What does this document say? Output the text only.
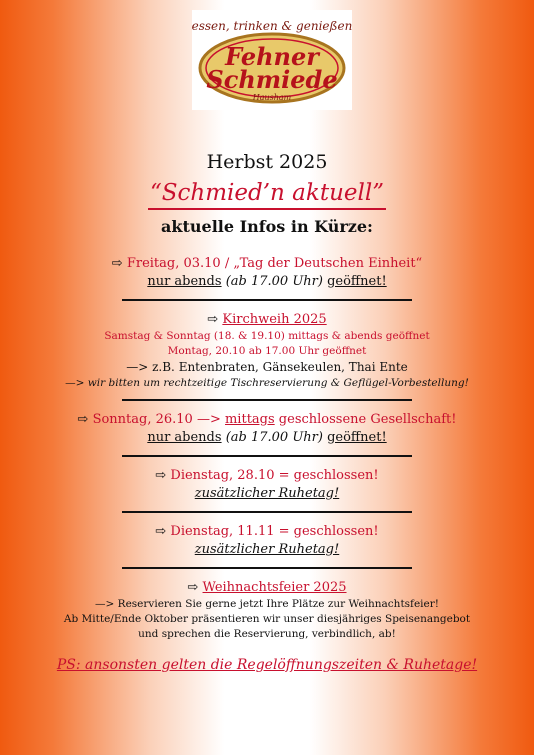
essen, trinken & genießen
Fehner
Schmiede
Hausham
Herbst 2025
“Schmied’n aktuell”
aktuelle Infos in Kürze:
⇨ Freitag, 03.10 / „Tag der Deutschen Einheit“
nur abends (ab 17.00 Uhr) geöffnet!
⇨ Kirchweih 2025
Samstag & Sonntag (18. & 19.10) mittags & abends geöffnet
Montag, 20.10 ab 17.00 Uhr geöffnet
—> z.B. Entenbraten, Gänsekeulen, Thai Ente
—> wir bitten um rechtzeitige Tischreservierung & Geflügel-Vorbestellung!
⇨ Sonntag, 26.10 —> mittags geschlossene Gesellschaft!
nur abends (ab 17.00 Uhr) geöffnet!
⇨ Dienstag, 28.10 = geschlossen!
zusätzlicher Ruhetag!
⇨ Dienstag, 11.11 = geschlossen!
zusätzlicher Ruhetag!
⇨ Weihnachtsfeier 2025
—> Reservieren Sie gerne jetzt Ihre Plätze zur Weihnachtsfeier!
Ab Mitte/Ende Oktober präsentieren wir unser diesjähriges Speisenangebot
und sprechen die Reservierung, verbindlich, ab!
PS: ansonsten gelten die Regelöffnungszeiten & Ruhetage!
